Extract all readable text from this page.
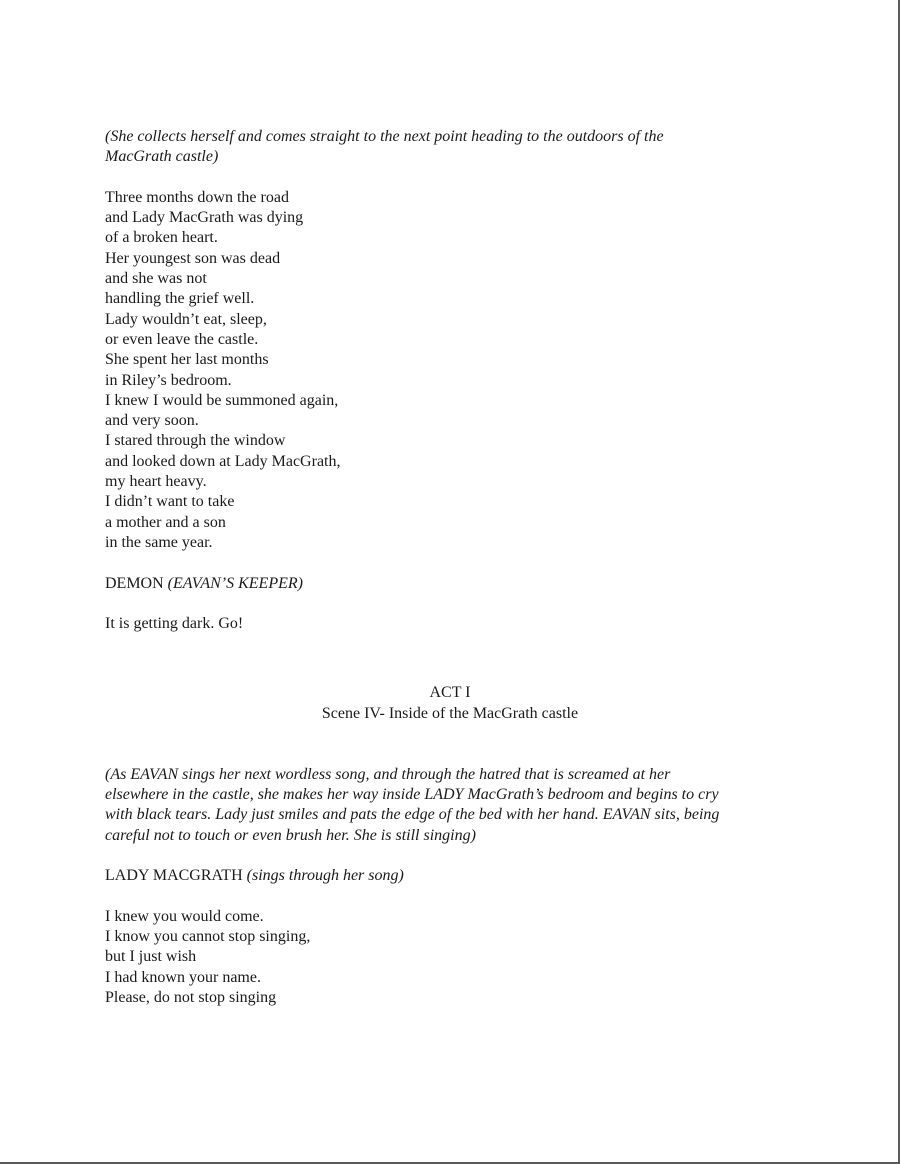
(She collects herself and comes straight to the next point heading to the outdoors of the
MacGrath castle)
Three months down the road
and Lady MacGrath was dying
of a broken heart.
Her youngest son was dead
and she was not
handling the grief well.
Lady wouldn’t eat, sleep,
or even leave the castle.
She spent her last months
in Riley’s bedroom.
I knew I would be summoned again,
and very soon.
I stared through the window
and looked down at Lady MacGrath,
my heart heavy.
I didn’t want to take
a mother and a son
in the same year.
DEMON (EAVAN’S KEEPER)
It is getting dark. Go!
ACT I
Scene IV- Inside of the MacGrath castle
(As EAVAN sings her next wordless song, and through the hatred that is screamed at her
elsewhere in the castle, she makes her way inside LADY MacGrath’s bedroom and begins to cry
with black tears. Lady just smiles and pats the edge of the bed with her hand. EAVAN sits, being
careful not to touch or even brush her. She is still singing)
LADY MACGRATH (sings through her song)
I knew you would come.
I know you cannot stop singing,
but I just wish
I had known your name.
Please, do not stop singing
